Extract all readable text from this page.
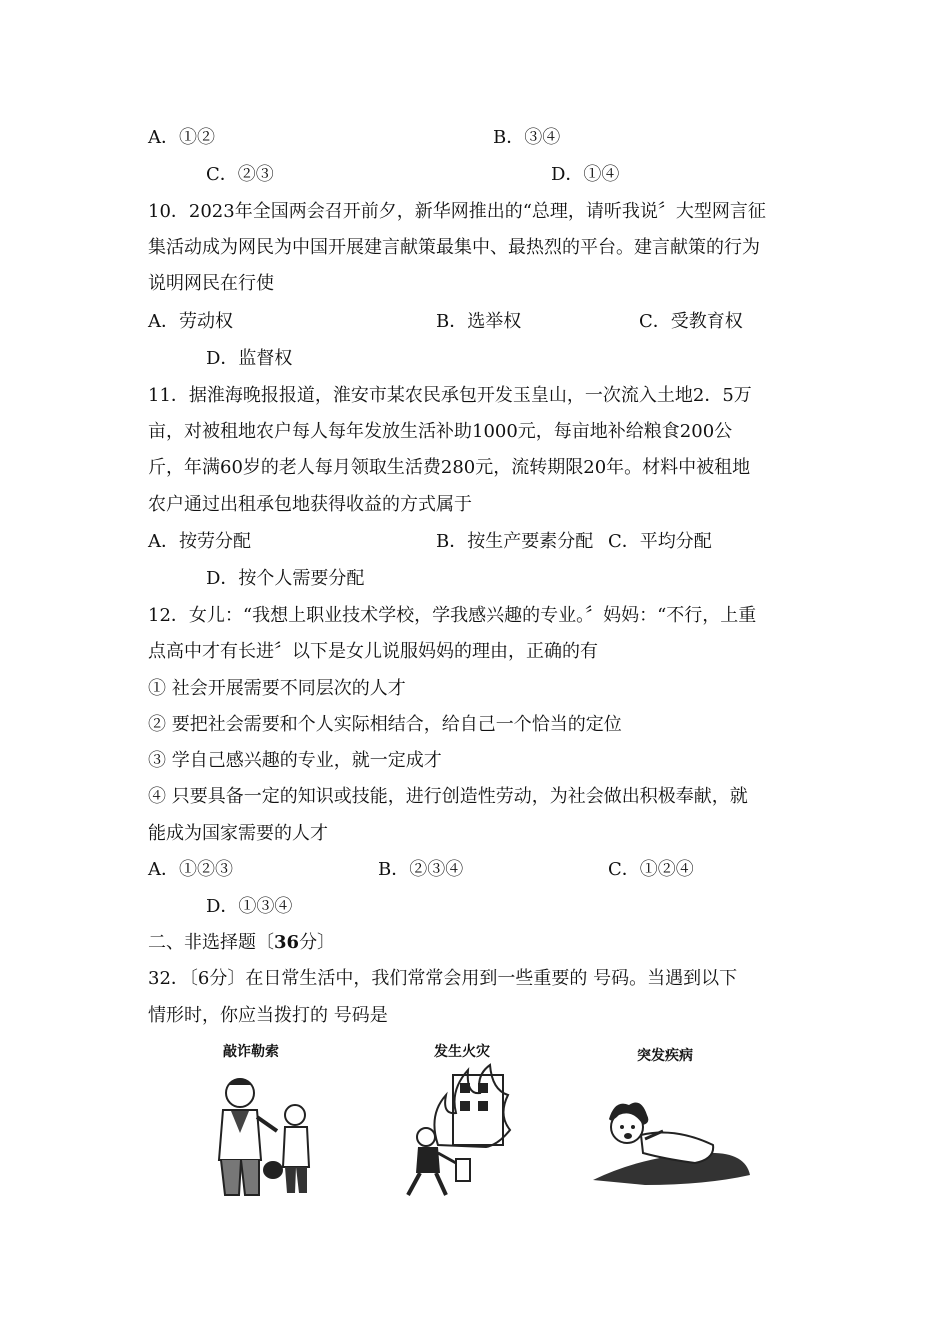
A．①②	B．③④
C．②③	D．①④
10．2023年全国两会召开前夕，新华网推出的“总理，请听我说〞大型网言征
集活动成为网民为中国开展建言献策最集中、最热烈的平台。建言献策的行为
说明网民在行使
A．劳动权	B．选举权	C．受教育权
D．监督权
11．据淮海晚报报道，淮安市某农民承包开发玉皇山，一次流入土地2．5万
亩，对被租地农户每人每年发放生活补助1000元，每亩地补给粮食200公
斤，年满60岁的老人每月领取生活费280元，流转期限20年。材料中被租地
农户通过出租承包地获得收益的方式属于
A．按劳分配	B．按生产要素分配 C．平均分配
D．按个人需要分配
12．女儿：“我想上职业技术学校，学我感兴趣的专业。〞妈妈：“不行，上重
点高中才有长进〞以下是女儿说服妈妈的理由，正确的有
① 社会开展需要不同层次的人才
② 要把社会需要和个人实际相结合，给自己一个恰当的定位
③ 学自己感兴趣的专业，就一定成才
④ 只要具备一定的知识或技能，进行创造性劳动，为社会做出积极奉献，就
能成为国家需要的人才
A．①②③	B．②③④	C．①②④
D．①③④
二、非选择题〔36分〕
32．〔6分〕在日常生活中，我们常常会用到一些重要的 号码。当遇到以下
情形时，你应当拨打的 号码是
敲诈勒索	发生火灾	突发疾病
